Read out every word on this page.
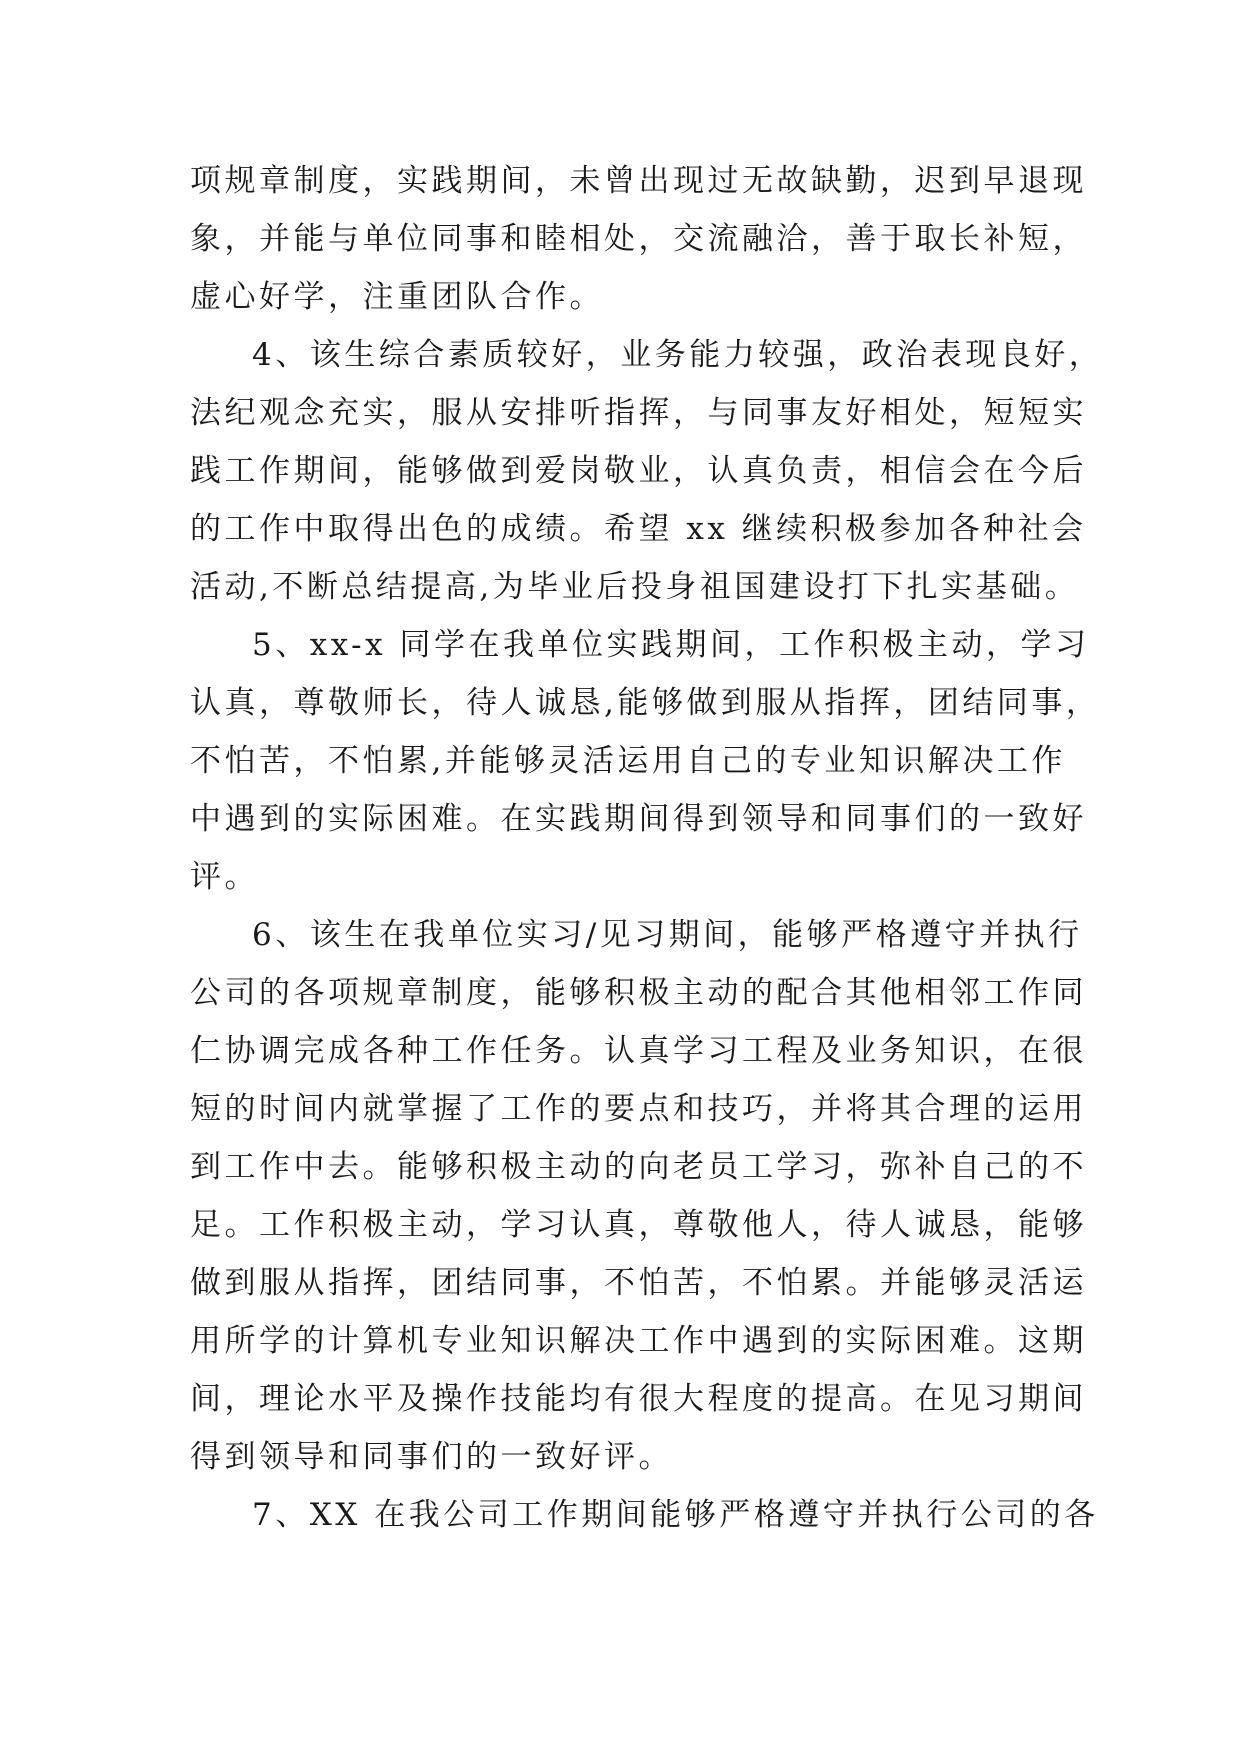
项规章制度，实践期间，未曾出现过无故缺勤，迟到早退现
象，并能与单位同事和睦相处，交流融洽，善于取长补短，
虚心好学，注重团队合作。
4、该生综合素质较好，业务能力较强，政治表现良好，
法纪观念充实，服从安排听指挥，与同事友好相处，短短实
践工作期间，能够做到爱岗敬业，认真负责，相信会在今后
的工作中取得出色的成绩。希望 xx 继续积极参加各种社会
活动,不断总结提高,为毕业后投身祖国建设打下扎实基础。
5、xx-x 同学在我单位实践期间，工作积极主动，学习
认真，尊敬师长，待人诚恳,能够做到服从指挥，团结同事，
不怕苦，不怕累,并能够灵活运用自己的专业知识解决工作
中遇到的实际困难。在实践期间得到领导和同事们的一致好
评。
6、该生在我单位实习/见习期间，能够严格遵守并执行
公司的各项规章制度，能够积极主动的配合其他相邻工作同
仁协调完成各种工作任务。认真学习工程及业务知识，在很
短的时间内就掌握了工作的要点和技巧，并将其合理的运用
到工作中去。能够积极主动的向老员工学习，弥补自己的不
足。工作积极主动，学习认真，尊敬他人，待人诚恳，能够
做到服从指挥，团结同事，不怕苦，不怕累。并能够灵活运
用所学的计算机专业知识解决工作中遇到的实际困难。这期
间，理论水平及操作技能均有很大程度的提高。在见习期间
得到领导和同事们的一致好评。
7、XX 在我公司工作期间能够严格遵守并执行公司的各
